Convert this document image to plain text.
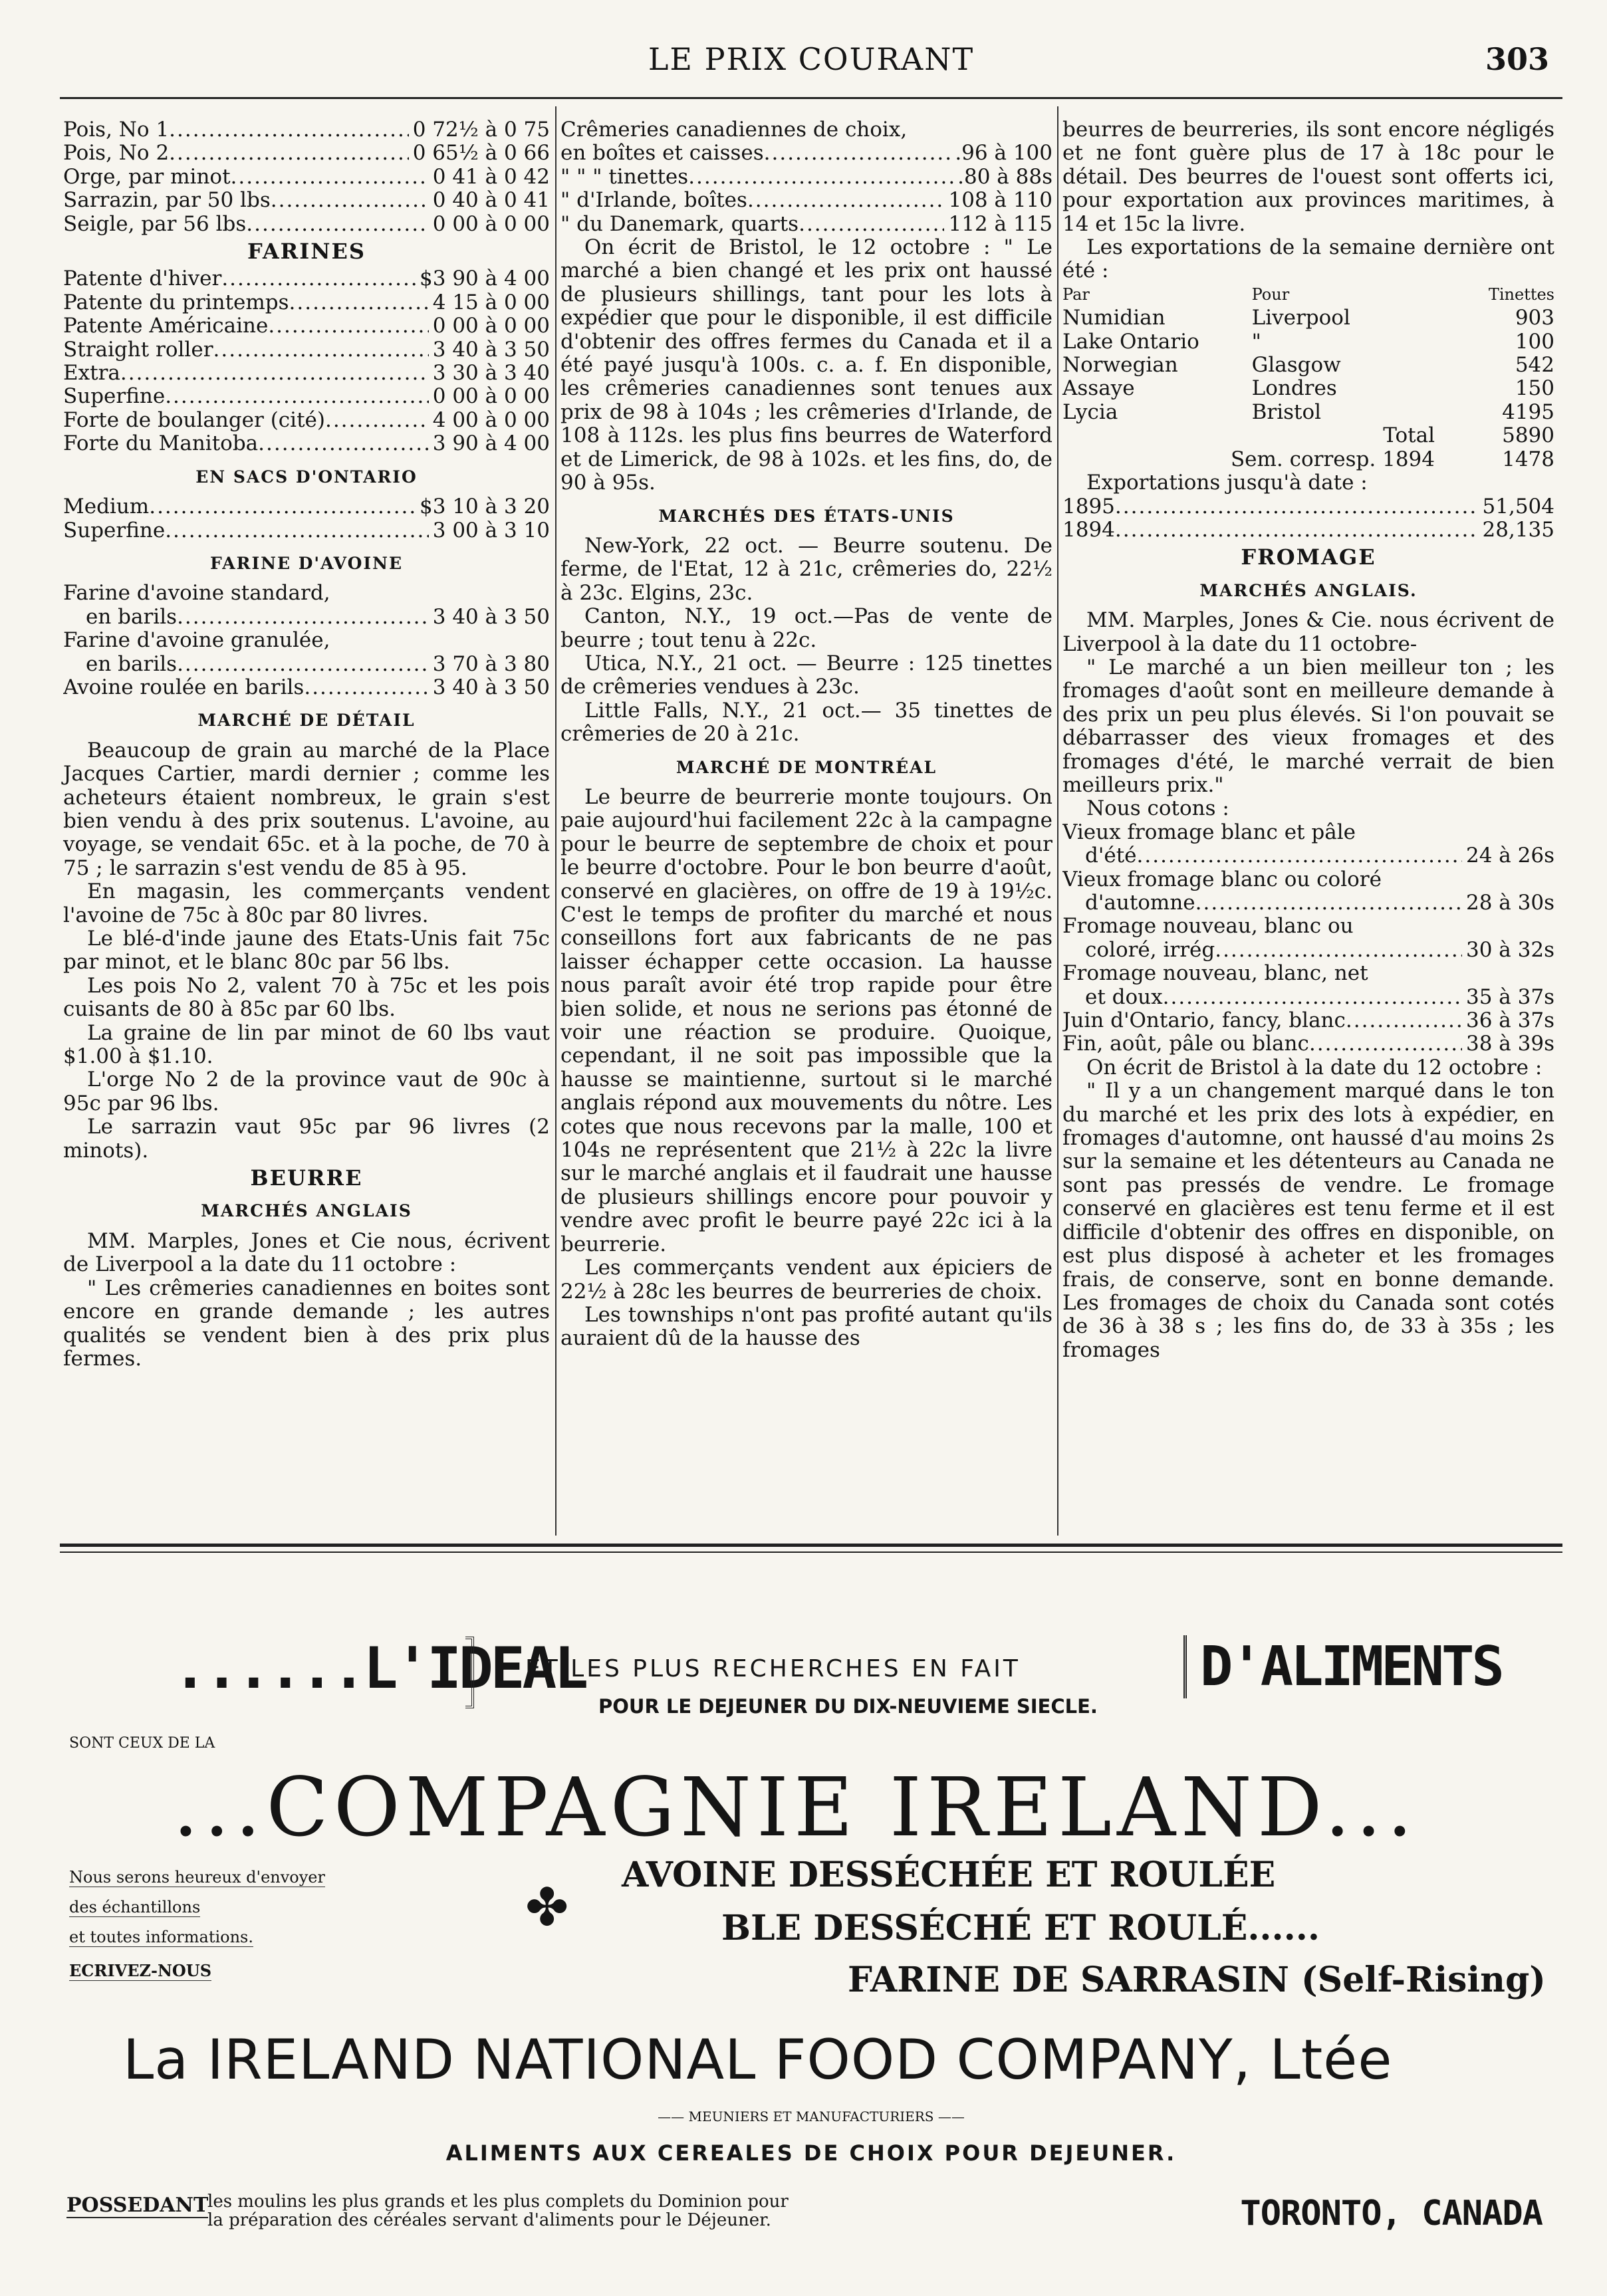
LE PRIX COURANT	303
Pois, No 1 .....	0 72½ à 0 75
Pois, No 2 .....	0 65½ à 0 66
Orge, par minot .....	0 41 à 0 42
Sarrazin, par 50 lbs .....	0 40 à 0 41
Seigle, par 56 lbs .....	0 00 à 0 00
FARINES
Patente d'hiver .....	$3 90 à 4 00
Patente du printemps .....	4 15 à 0 00
Patente Américaine .....	0 00 à 0 00
Straight roller .....	3 40 à 3 50
Extra .....	3 30 à 3 40
Superfine .....	0 00 à 0 00
Forte de boulanger (cité) .....	4 00 à 0 00
Forte du Manitoba .....	3 90 à 4 00
EN SACS D'ONTARIO
Medium .....	$3 10 à 3 20
Superfine .....	3 00 à 3 10
FARINE D'AVOINE
Farine d'avoine standard,
en barils .....	3 40 à 3 50
Farine d'avoine granulée,
en barils .....	3 70 à 3 80
Avoine roulée en barils .....	3 40 à 3 50
MARCHÉ DE DÉTAIL

Beaucoup de grain au marché de la Place Jacques Cartier, mardi dernier ; comme les acheteurs étaient nombreux, le grain s'est bien vendu à des prix soutenus. L'avoine, au voyage, se vendait 65c. et à la poche, de 70 à 75 ; le sarrazin s'est vendu de 85 à 95.

En magasin, les commerçants vendent l'avoine de 75c à 80c par 80 livres.

Le blé-d'inde jaune des Etats-Unis fait 75c par minot, et le blanc 80c par 56 lbs.

Les pois No 2, valent 70 à 75c et les pois cuisants de 80 à 85c par 60 lbs.

La graine de lin par minot de 60 lbs vaut $1.00 à $1.10.

L'orge No 2 de la province vaut de 90c à 95c par 96 lbs.

Le sarrazin vaut 95c par 96 livres (2 minots).

BEURRE
MARCHÉS ANGLAIS

MM. Marples, Jones et Cie nous, écrivent de Liverpool a la date du 11 octobre :

" Les crêmeries canadiennes en boites sont encore en grande demande ; les autres qualités se vendent bien à des prix plus fermes.

Crêmeries canadiennes de choix,
en boîtes et caisses .....	.96 à 100
" " " tinettes .....	.80 à 88s
" d'Irlande, boîtes .....	108 à 110
" du Danemark, quarts .....	112 à 115

On écrit de Bristol, le 12 octobre : " Le marché a bien changé et les prix ont haussé de plusieurs shillings, tant pour les lots à expédier que pour le disponible, il est difficile d'obtenir des offres fermes du Canada et il a été payé jusqu'à 100s. c. a. f. En disponible, les crêmeries canadiennes sont tenues aux prix de 98 à 104s ; les crêmeries d'Irlande, de 108 à 112s. les plus fins beurres de Waterford et de Limerick, de 98 à 102s. et les fins, do, de 90 à 95s.

MARCHÉS DES ÉTATS-UNIS

New-York, 22 oct. — Beurre soutenu. De ferme, de l'Etat, 12 à 21c, crêmeries do, 22½ à 23c. Elgins, 23c.

Canton, N.Y., 19 oct.—Pas de vente de beurre ; tout tenu à 22c.

Utica, N.Y., 21 oct. — Beurre : 125 tinettes de crêmeries vendues à 23c.

Little Falls, N.Y., 21 oct.— 35 tinettes de crêmeries de 20 à 21c.

MARCHÉ DE MONTRÉAL

Le beurre de beurrerie monte toujours. On paie aujourd'hui facilement 22c à la campagne pour le beurre de septembre de choix et pour le beurre d'octobre. Pour le bon beurre d'août, conservé en glacières, on offre de 19 à 19½c. C'est le temps de profiter du marché et nous conseillons fort aux fabricants de ne pas laisser échapper cette occasion. La hausse nous paraît avoir été trop rapide pour être bien solide, et nous ne serions pas étonné de voir une réaction se produire. Quoique, cependant, il ne soit pas impossible que la hausse se maintienne, surtout si le marché anglais répond aux mouvements du nôtre. Les cotes que nous recevons par la malle, 100 et 104s ne représentent que 21½ à 22c la livre sur le marché anglais et il faudrait une hausse de plusieurs shillings encore pour pouvoir y vendre avec profit le beurre payé 22c ici à la beurrerie.

Les commerçants vendent aux épiciers de 22½ à 28c les beurres de beurreries de choix.

Les townships n'ont pas profité autant qu'ils auraient dû de la hausse des

beurres de beurreries, ils sont encore négligés et ne font guère plus de 17 à 18c pour le détail. Des beurres de l'ouest sont offerts ici, pour exportation aux provinces maritimes, à 14 et 15c la livre.

Les exportations de la semaine dernière ont été :

Par	Pour	Tinettes
Numidian	Liverpool	903
Lake Ontario	"	100
Norwegian	Glasgow	542
Assaye	Londres	150
Lycia	Bristol	4195
Total	5890
Sem. corresp. 1894	1478

Exportations jusqu'à date :

1895 .....	51,504
1894 .....	28,135
FROMAGE
MARCHÉS ANGLAIS.

MM. Marples, Jones & Cie. nous écrivent de Liverpool à la date du 11 octobre-

" Le marché a un bien meilleur ton ; les fromages d'août sont en meilleure demande à des prix un peu plus élevés. Si l'on pouvait se débarrasser des vieux fromages et des fromages d'été, le marché verrait de bien meilleurs prix."

Nous cotons :

Vieux fromage blanc et pâle
d'été .....	24 à 26s
Vieux fromage blanc ou coloré
d'automne .....	28 à 30s
Fromage nouveau, blanc ou
coloré, irrég .....	30 à 32s
Fromage nouveau, blanc, net
et doux .....	35 à 37s
Juin d'Ontario, fancy, blanc .....	36 à 37s
Fin, août, pâle ou blanc .....	38 à 39s

On écrit de Bristol à la date du 12 octobre :

" Il y a un changement marqué dans le ton du marché et les prix des lots à expédier, en fromages d'automne, ont haussé d'au moins 2s sur la semaine et les détenteurs au Canada ne sont pas pressés de vendre. Le fromage conservé en glacières est tenu ferme et il est difficile d'obtenir des offres en disponible, on est plus disposé à acheter et les fromages frais, de conserve, sont en bonne demande. Les fromages de choix du Canada sont cotés de 36 à 38 s ; les fins do, de 33 à 35s ; les fromages

......L'IDEAL
ET LES PLUS RECHERCHES EN FAIT	D'ALIMENTS
POUR LE DEJEUNER DU DIX-NEUVIEME SIECLE.
SONT CEUX DE LA
...COMPAGNIE IRELAND...
Nous serons heureux d'envoyer
des échantillons
et toutes informations.
ECRIVEZ-NOUS
✤
AVOINE DESSÉCHÉE ET ROULÉE
BLE DESSÉCHÉ ET ROULÉ......
FARINE DE SARRASIN (Self-Rising)
La IRELAND NATIONAL FOOD COMPANY, Ltée
—— MEUNIERS ET MANUFACTURIERS ——
ALIMENTS AUX CEREALES DE CHOIX POUR DEJEUNER.
POSSEDANT
les moulins les plus grands et les plus complets du Dominion pour
la préparation des céréales servant d'aliments pour le Déjeuner.	TORONTO, CANADA
